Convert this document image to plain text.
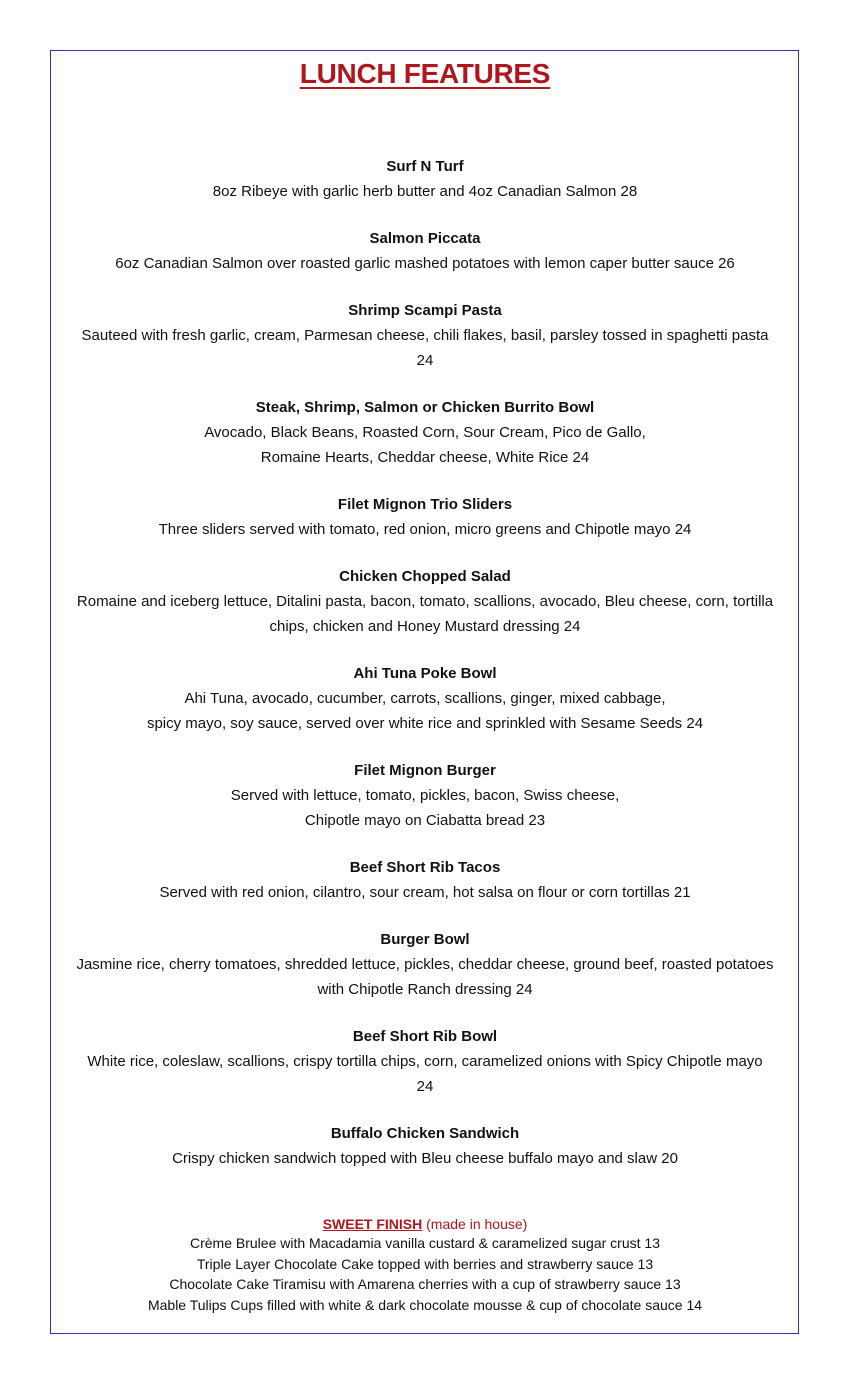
LUNCH FEATURES
Surf N Turf
8oz Ribeye with garlic herb butter and 4oz Canadian Salmon 28
Salmon Piccata
6oz Canadian Salmon over roasted garlic mashed potatoes with lemon caper butter sauce 26
Shrimp Scampi Pasta
Sauteed with fresh garlic, cream, Parmesan cheese, chili flakes, basil, parsley tossed in spaghetti pasta
24
Steak, Shrimp, Salmon or Chicken Burrito Bowl
Avocado, Black Beans, Roasted Corn, Sour Cream, Pico de Gallo,
Romaine Hearts, Cheddar cheese, White Rice 24
Filet Mignon Trio Sliders
Three sliders served with tomato, red onion, micro greens and Chipotle mayo 24
Chicken Chopped Salad
Romaine and iceberg lettuce, Ditalini pasta, bacon, tomato, scallions, avocado, Bleu cheese, corn, tortilla
chips, chicken and Honey Mustard dressing 24
Ahi Tuna Poke Bowl
Ahi Tuna, avocado, cucumber, carrots, scallions, ginger, mixed cabbage,
spicy mayo, soy sauce, served over white rice and sprinkled with Sesame Seeds 24
Filet Mignon Burger
Served with lettuce, tomato, pickles, bacon, Swiss cheese,
Chipotle mayo on Ciabatta bread 23
Beef Short Rib Tacos
Served with red onion, cilantro, sour cream, hot salsa on flour or corn tortillas 21
Burger Bowl
Jasmine rice, cherry tomatoes, shredded lettuce, pickles, cheddar cheese, ground beef, roasted potatoes
with Chipotle Ranch dressing 24
Beef Short Rib Bowl
White rice, coleslaw, scallions, crispy tortilla chips, corn, caramelized onions with Spicy Chipotle mayo
24
Buffalo Chicken Sandwich
Crispy chicken sandwich topped with Bleu cheese buffalo mayo and slaw 20
SWEET FINISH (made in house)
Crème Brulee with Macadamia vanilla custard & caramelized sugar crust 13
Triple Layer Chocolate Cake topped with berries and strawberry sauce 13
Chocolate Cake Tiramisu with Amarena cherries with a cup of strawberry sauce 13
Mable Tulips Cups filled with white & dark chocolate mousse & cup of chocolate sauce 14
